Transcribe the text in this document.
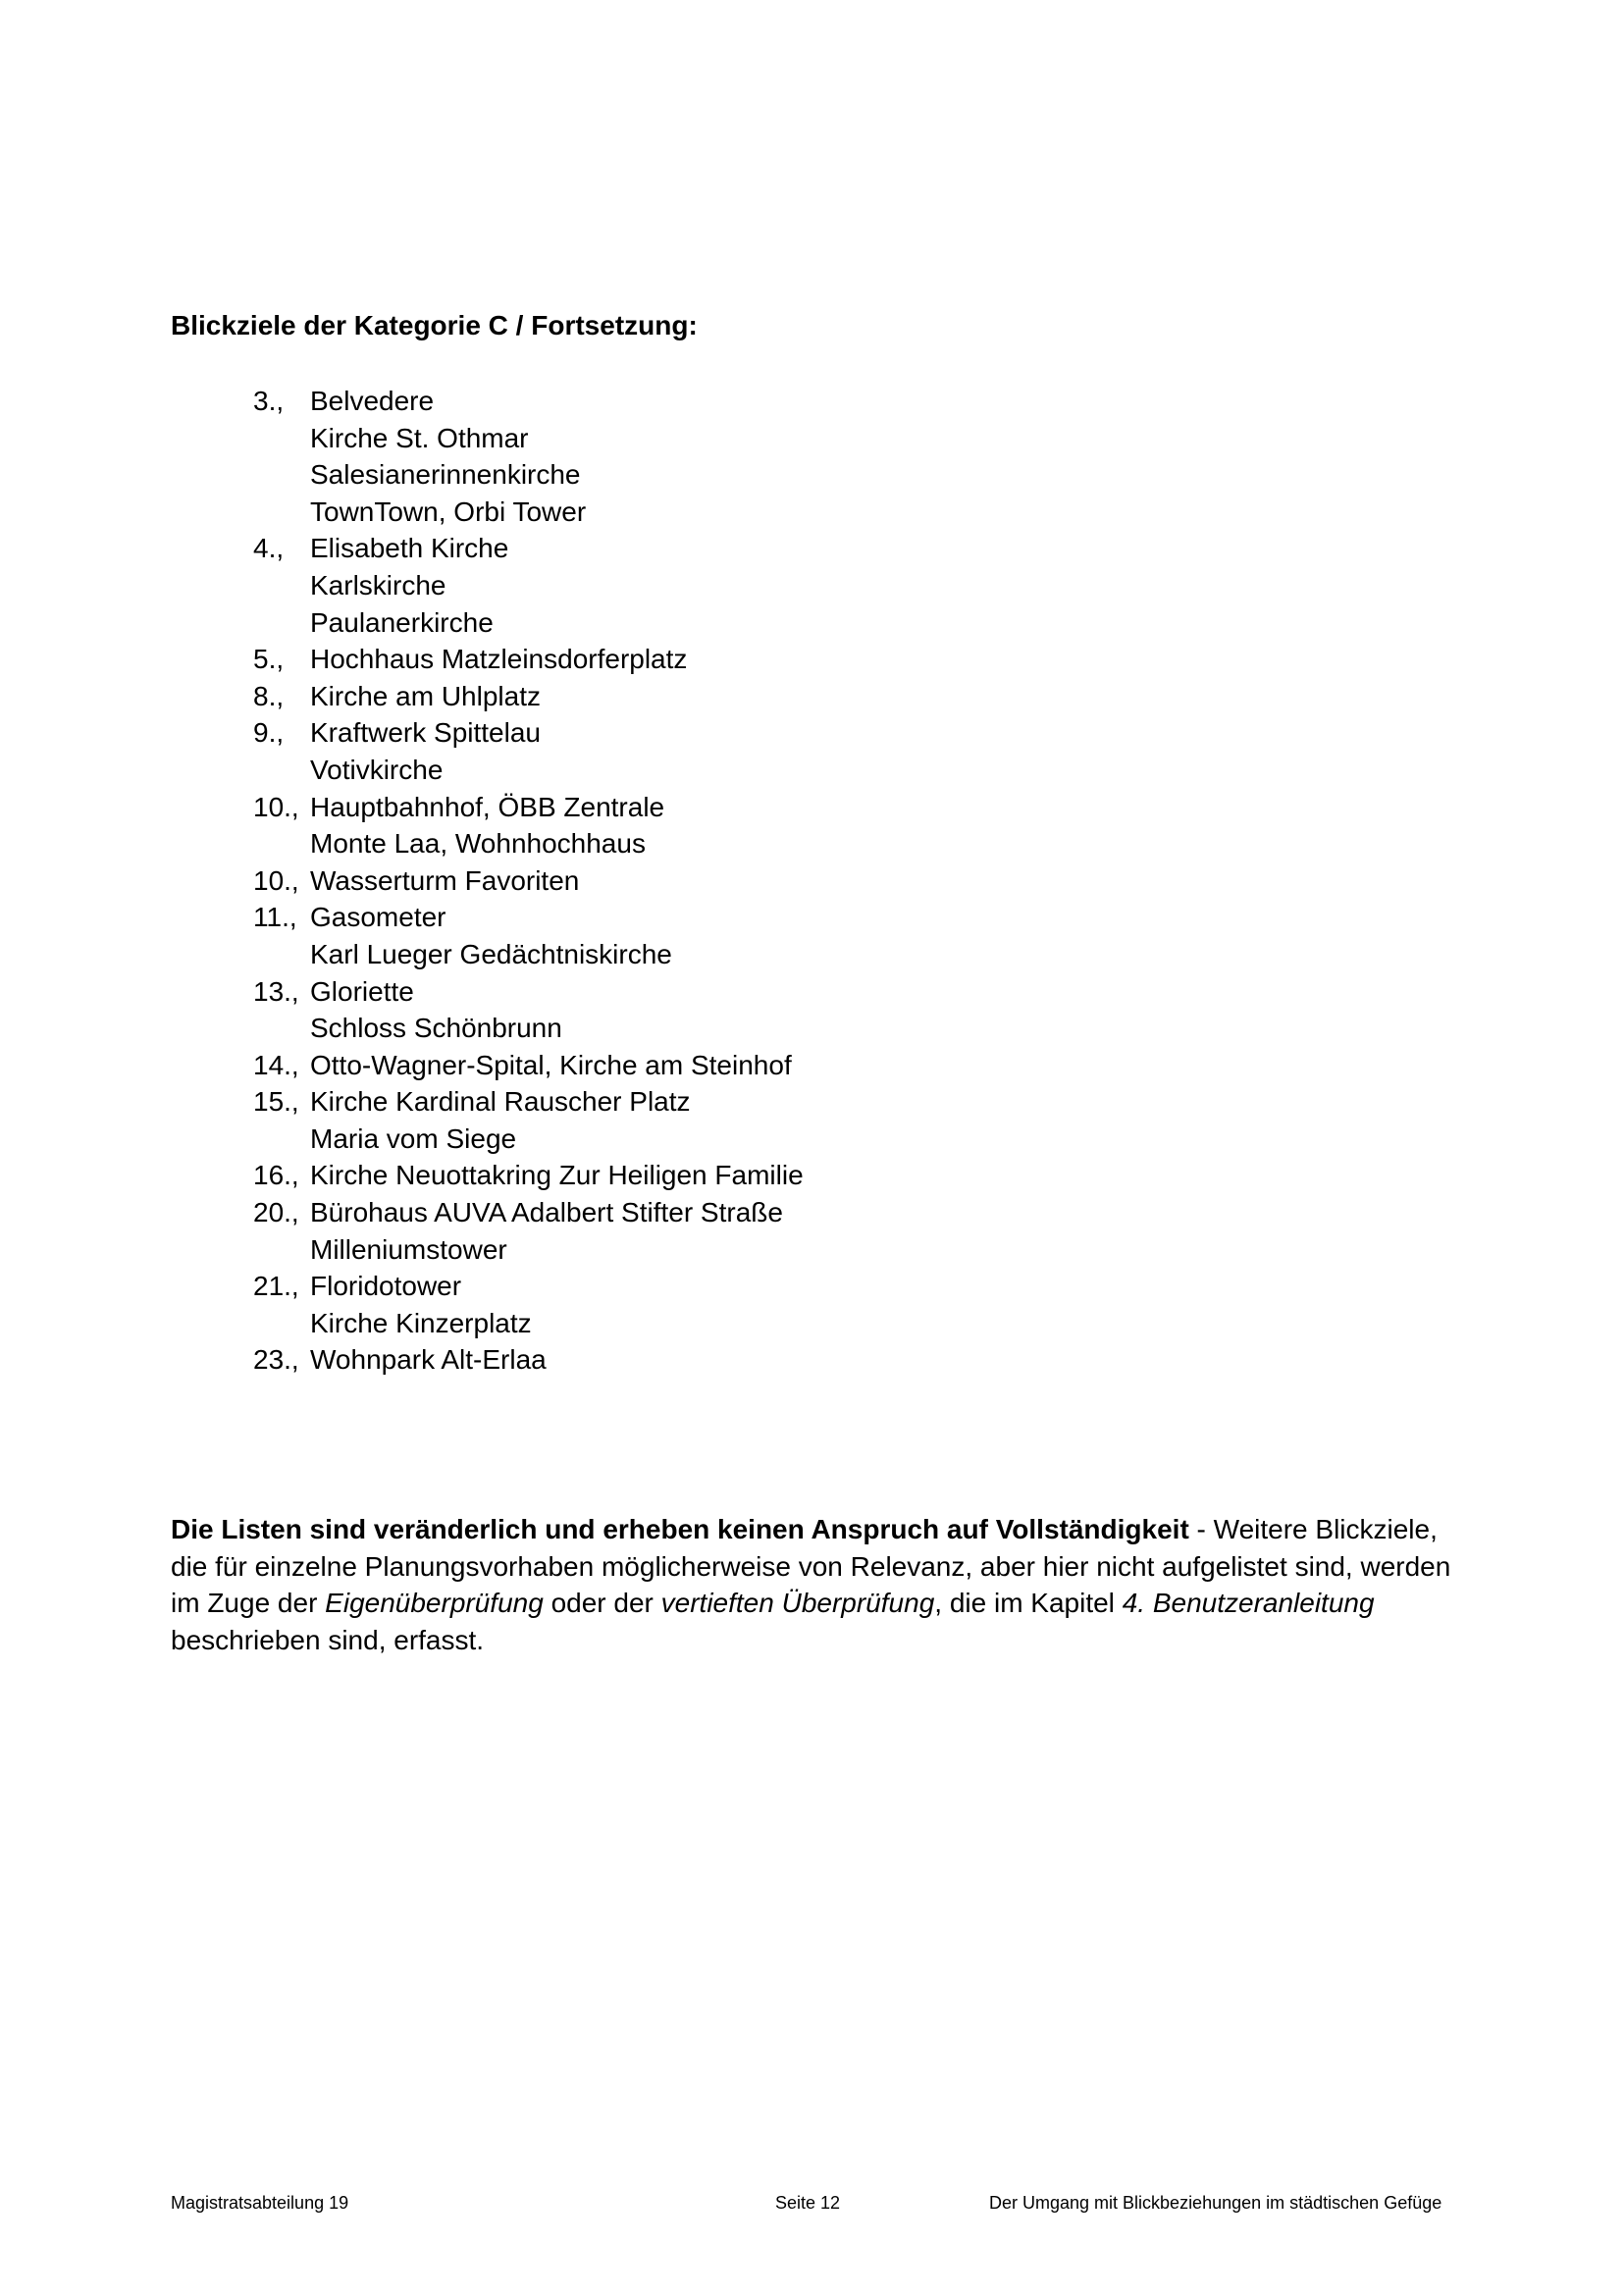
Blickziele der Kategorie C / Fortsetzung:
3., Belvedere
Kirche St. Othmar
Salesianerinnenkirche
TownTown, Orbi Tower
4., Elisabeth Kirche
Karlskirche
Paulanerkirche
5., Hochhaus Matzleinsdorferplatz
8., Kirche am Uhlplatz
9., Kraftwerk Spittelau
Votivkirche
10., Hauptbahnhof, ÖBB Zentrale
Monte Laa, Wohnhochhaus
10., Wasserturm Favoriten
11., Gasometer
Karl Lueger Gedächtniskirche
13., Gloriette
Schloss Schönbrunn
14., Otto-Wagner-Spital, Kirche am Steinhof
15., Kirche Kardinal Rauscher Platz
Maria vom Siege
16., Kirche Neuottakring Zur Heiligen Familie
20., Bürohaus AUVA Adalbert Stifter Straße
Milleniumstower
21., Floridotower
Kirche Kinzerplatz
23., Wohnpark Alt-Erlaa

Die Listen sind veränderlich und erheben keinen Anspruch auf Vollständigkeit - Weitere Blickziele, die für einzelne Planungsvorhaben möglicherweise von Relevanz, aber hier nicht aufgelistet sind, werden im Zuge der Eigenüberprüfung oder der vertieften Überprüfung, die im Kapitel 4. Benutzeranleitung beschrieben sind, erfasst.

Magistratsabteilung 19	Seite 12	Der Umgang mit Blickbeziehungen im städtischen Gefüge
